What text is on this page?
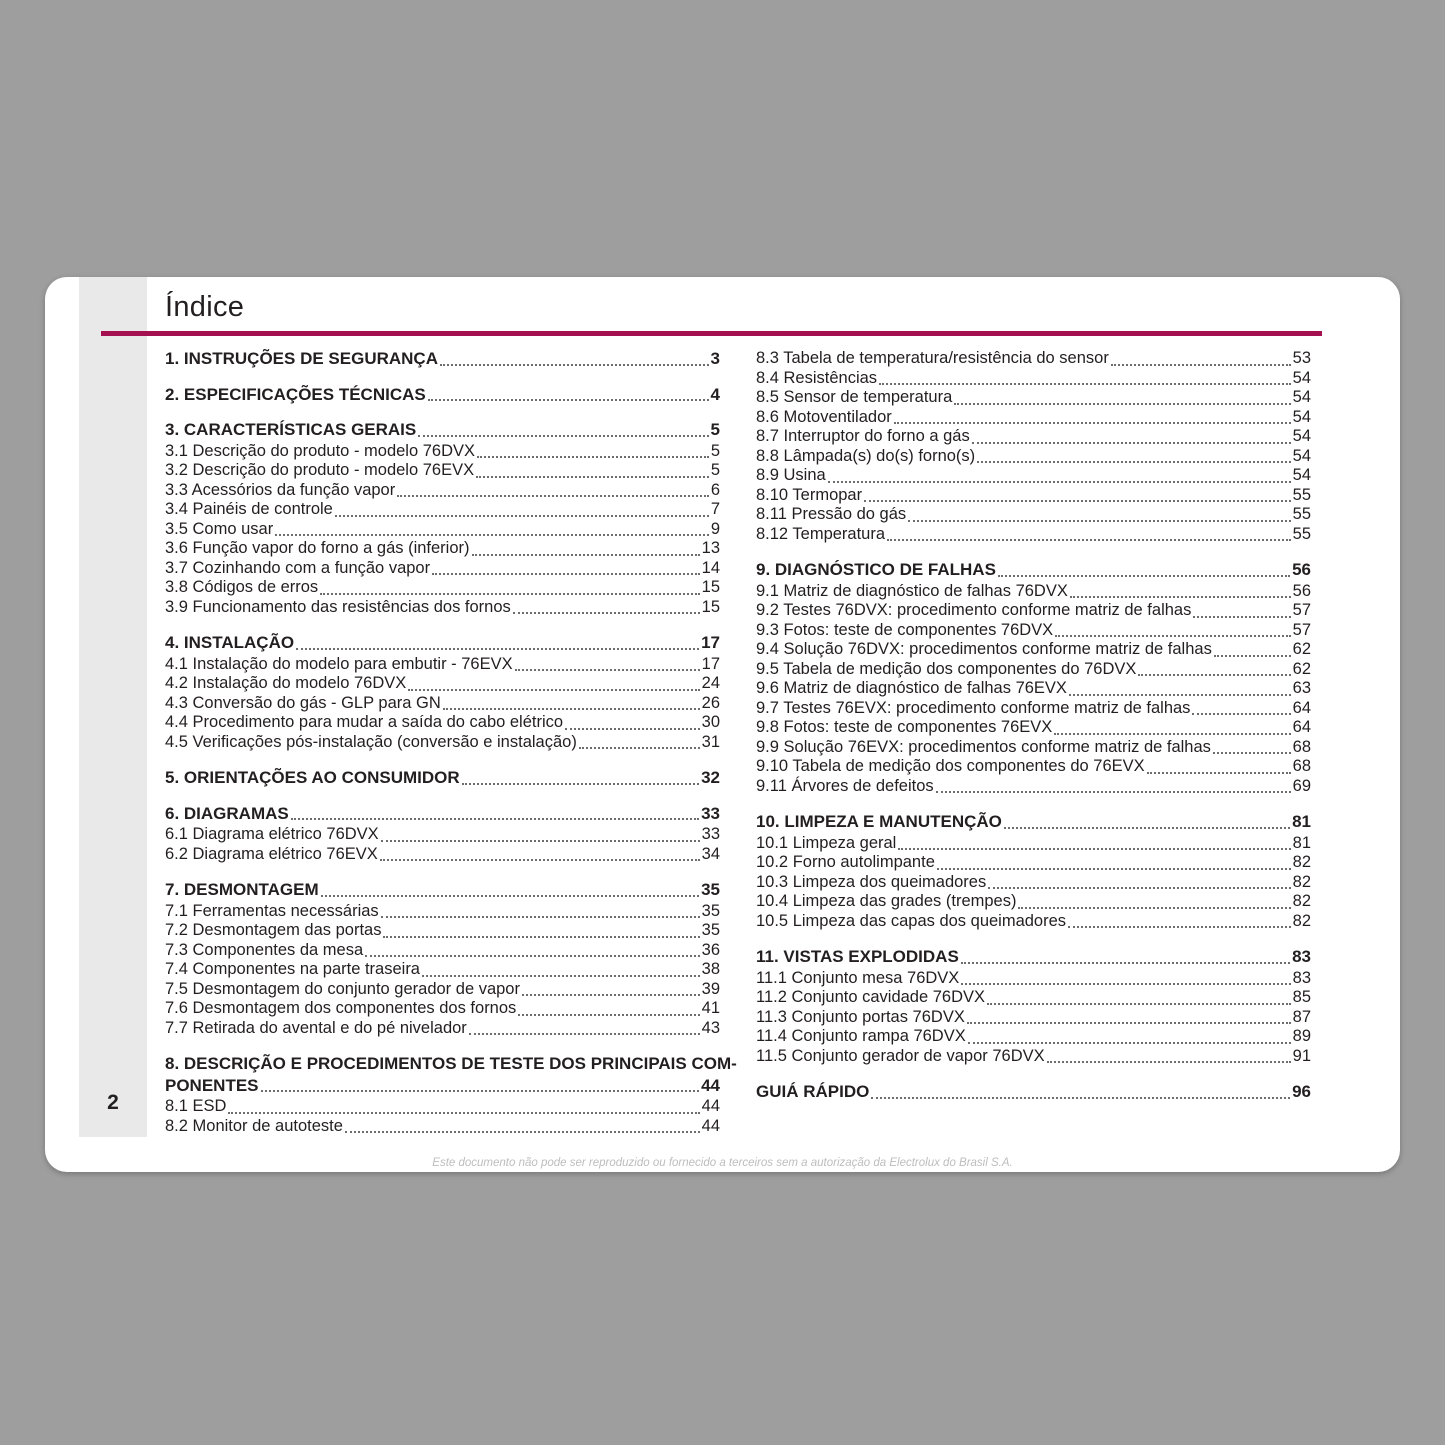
2
Índice
1. INSTRUÇÕES DE SEGURANÇA	3
2. ESPECIFICAÇÕES TÉCNICAS	4
3. CARACTERÍSTICAS GERAIS	5
3.1 Descrição do produto - modelo 76DVX	5
3.2 Descrição do produto - modelo 76EVX	5
3.3 Acessórios da função vapor	6
3.4 Painéis de controle	7
3.5 Como usar	9
3.6 Função vapor do forno a gás (inferior)	13
3.7 Cozinhando com a função vapor	14
3.8 Códigos de erros	15
3.9 Funcionamento das resistências dos fornos	15
4. INSTALAÇÃO	17
4.1 Instalação do modelo para embutir - 76EVX	17
4.2 Instalação do modelo 76DVX	24
4.3 Conversão do gás - GLP para GN	26
4.4 Procedimento para mudar a saída do cabo elétrico	30
4.5 Verificações pós-instalação (conversão e instalação)	31
5. ORIENTAÇÕES AO CONSUMIDOR	32
6. DIAGRAMAS	33
6.1 Diagrama elétrico 76DVX	33
6.2 Diagrama elétrico 76EVX	34
7. DESMONTAGEM	35
7.1 Ferramentas necessárias	35
7.2 Desmontagem das portas	35
7.3 Componentes da mesa	36
7.4 Componentes na parte traseira	38
7.5 Desmontagem do conjunto gerador de vapor	39
7.6 Desmontagem dos componentes dos fornos	41
7.7 Retirada do avental e do pé nivelador	43
8. DESCRIÇÃO E PROCEDIMENTOS DE TESTE DOS PRINCIPAIS COM-
PONENTES	44
8.1 ESD	44
8.2 Monitor de autoteste	44
8.3 Tabela de temperatura/resistência do sensor	53
8.4 Resistências	54
8.5 Sensor de temperatura	54
8.6 Motoventilador	54
8.7 Interruptor do forno a gás	54
8.8 Lâmpada(s) do(s) forno(s)	54
8.9 Usina	54
8.10 Termopar	55
8.11 Pressão do gás	55
8.12 Temperatura	55
9. DIAGNÓSTICO DE FALHAS	56
9.1 Matriz de diagnóstico de falhas 76DVX	56
9.2 Testes 76DVX: procedimento conforme matriz de falhas	57
9.3 Fotos: teste de componentes 76DVX	57
9.4 Solução 76DVX: procedimentos conforme matriz de falhas	62
9.5 Tabela de medição dos componentes do 76DVX	62
9.6 Matriz de diagnóstico de falhas 76EVX	63
9.7 Testes 76EVX: procedimento conforme matriz de falhas	64
9.8 Fotos: teste de componentes 76EVX	64
9.9 Solução 76EVX: procedimentos conforme matriz de falhas	68
9.10 Tabela de medição dos componentes do 76EVX	68
9.11 Árvores de defeitos	69
10. LIMPEZA E MANUTENÇÃO	81
10.1 Limpeza geral	81
10.2 Forno autolimpante	82
10.3 Limpeza dos queimadores	82
10.4 Limpeza das grades (trempes)	82
10.5 Limpeza das capas dos queimadores	82
11. VISTAS EXPLODIDAS	83
11.1 Conjunto mesa 76DVX	83
11.2 Conjunto cavidade 76DVX	85
11.3 Conjunto portas 76DVX	87
11.4 Conjunto rampa 76DVX	89
11.5 Conjunto gerador de vapor 76DVX	91
GUIÁ RÁPIDO	96
Este documento não pode ser reproduzido ou fornecido a terceiros sem a autorização da Electrolux do Brasil S.A.
